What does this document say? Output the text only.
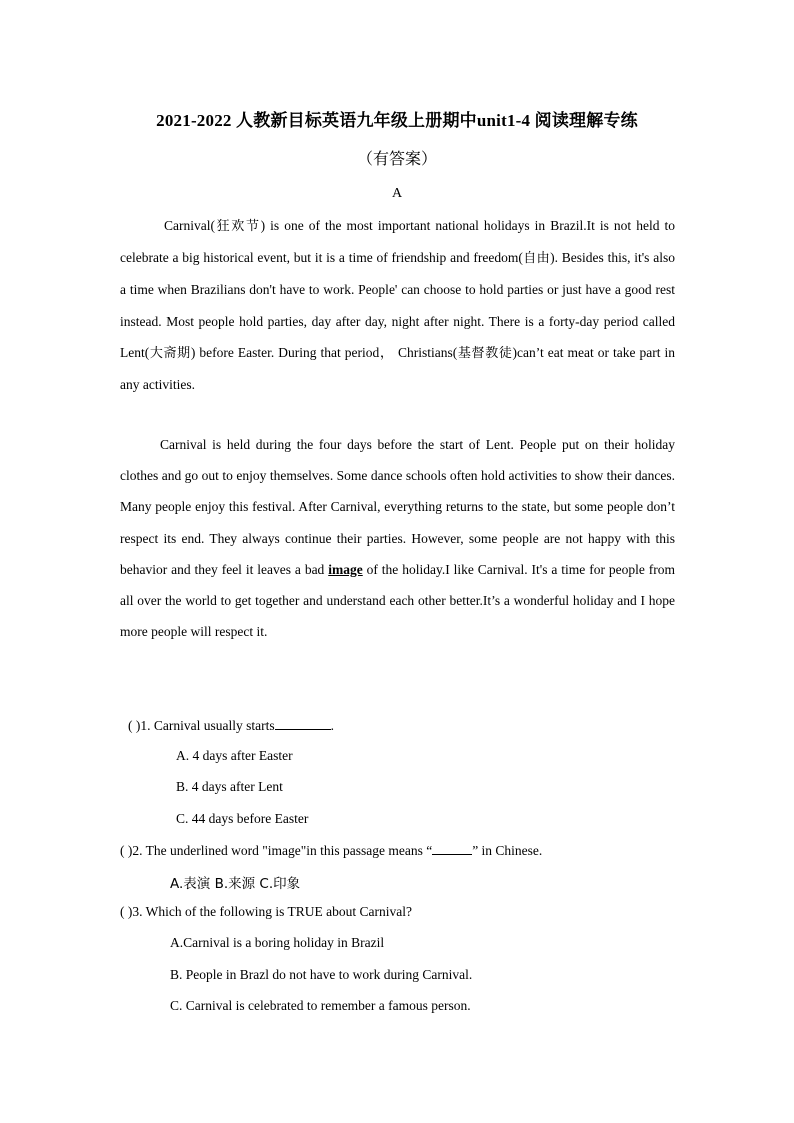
2021-2022 人教新目标英语九年级上册期中unit1-4 阅读理解专练
（有答案）
A
Carnival(狂欢节) is one of the most important national holidays in Brazil.It is not held to celebrate a big historical event, but it is a time of friendship and freedom(自由). Besides this, it's also a time when Brazilians don't have to work. People' can choose to hold parties or just have a good rest instead. Most people hold parties, day after day, night after night. There is a forty-day period called Lent(大斋期) before Easter. During that period， Christians(基督教徒)can’t eat meat or take part in any activities.
Carnival is held during the four days before the start of Lent. People put on their holiday clothes and go out to enjoy themselves. Some dance schools often hold activities to show their dances. Many people enjoy this festival. After Carnival, everything returns to the state, but some people don’t respect its end. They always continue their parties. However, some people are not happy with this behavior and they feel it leaves a bad image of the holiday.I like Carnival. It's a time for people from all over the world to get together and understand each other better.It’s a wonderful holiday and I hope more people will respect it.
( )1. Carnival usually starts	.
A. 4 days after Easter
B. 4 days after Lent
C. 44 days before Easter
( )2. The underlined word "image"in this passage means “	” in Chinese.
A.表演 B.来源 C.印象
( )3. Which of the following is TRUE about Carnival?
A.Carnival is a boring holiday in Brazil
B. People in Brazl do not have to work during Carnival.
C. Carnival is celebrated to remember a famous person.
